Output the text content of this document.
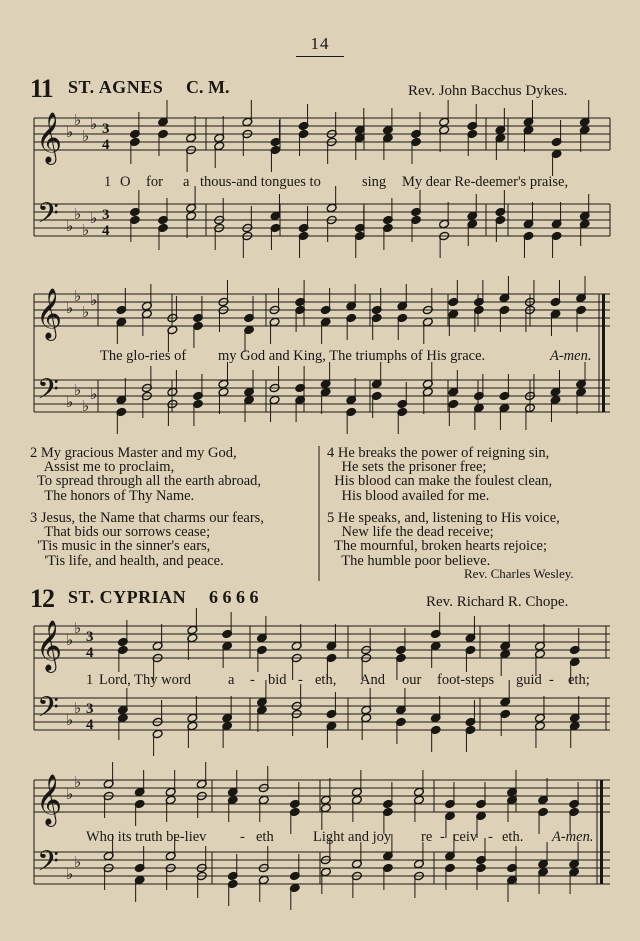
14
11 ST. AGNES C. M.	Rev. John Bacchus Dykes.
𝄞
𝄢
♭
♭
♭
♭
♭
♭
♭
♭
3
4
3
4
1 O for a thous-and tongues to	sing My dear Re-deemer's praise,
𝄞
𝄢
♭
♭
♭
♭
♭
♭
♭
♭
The glo-ries of my God and King, The triumphs of His grace.	A-men.
2 My gracious Master and my God,
Assist me to proclaim,
To spread through all the earth abroad,
The honors of Thy Name.
3 Jesus, the Name that charms our fears,
That bids our sorrows cease;
'Tis music in the sinner's ears,
'Tis life, and health, and peace.
4 He breaks the power of reigning sin,
He sets the prisoner free;
His blood can make the foulest clean,
His blood availed for me.
5 He speaks, and, listening to His voice,
New life the dead receive;
The mournful, broken hearts rejoice;
The humble poor believe.
Rev. Charles Wesley.
12 ST. CYPRIAN 6 6 6 6	Rev. Richard R. Chope.
𝄞
𝄢
♭
♭
♭
♭
3
4
3
4
1 Lord, Thy word	a - bid - eth, And our foot-steps guid - eth;
𝄞
𝄢
♭
♭
♭
♭
Who its truth be-liev - eth	Light and joy re - ceiv - eth. A-men.
